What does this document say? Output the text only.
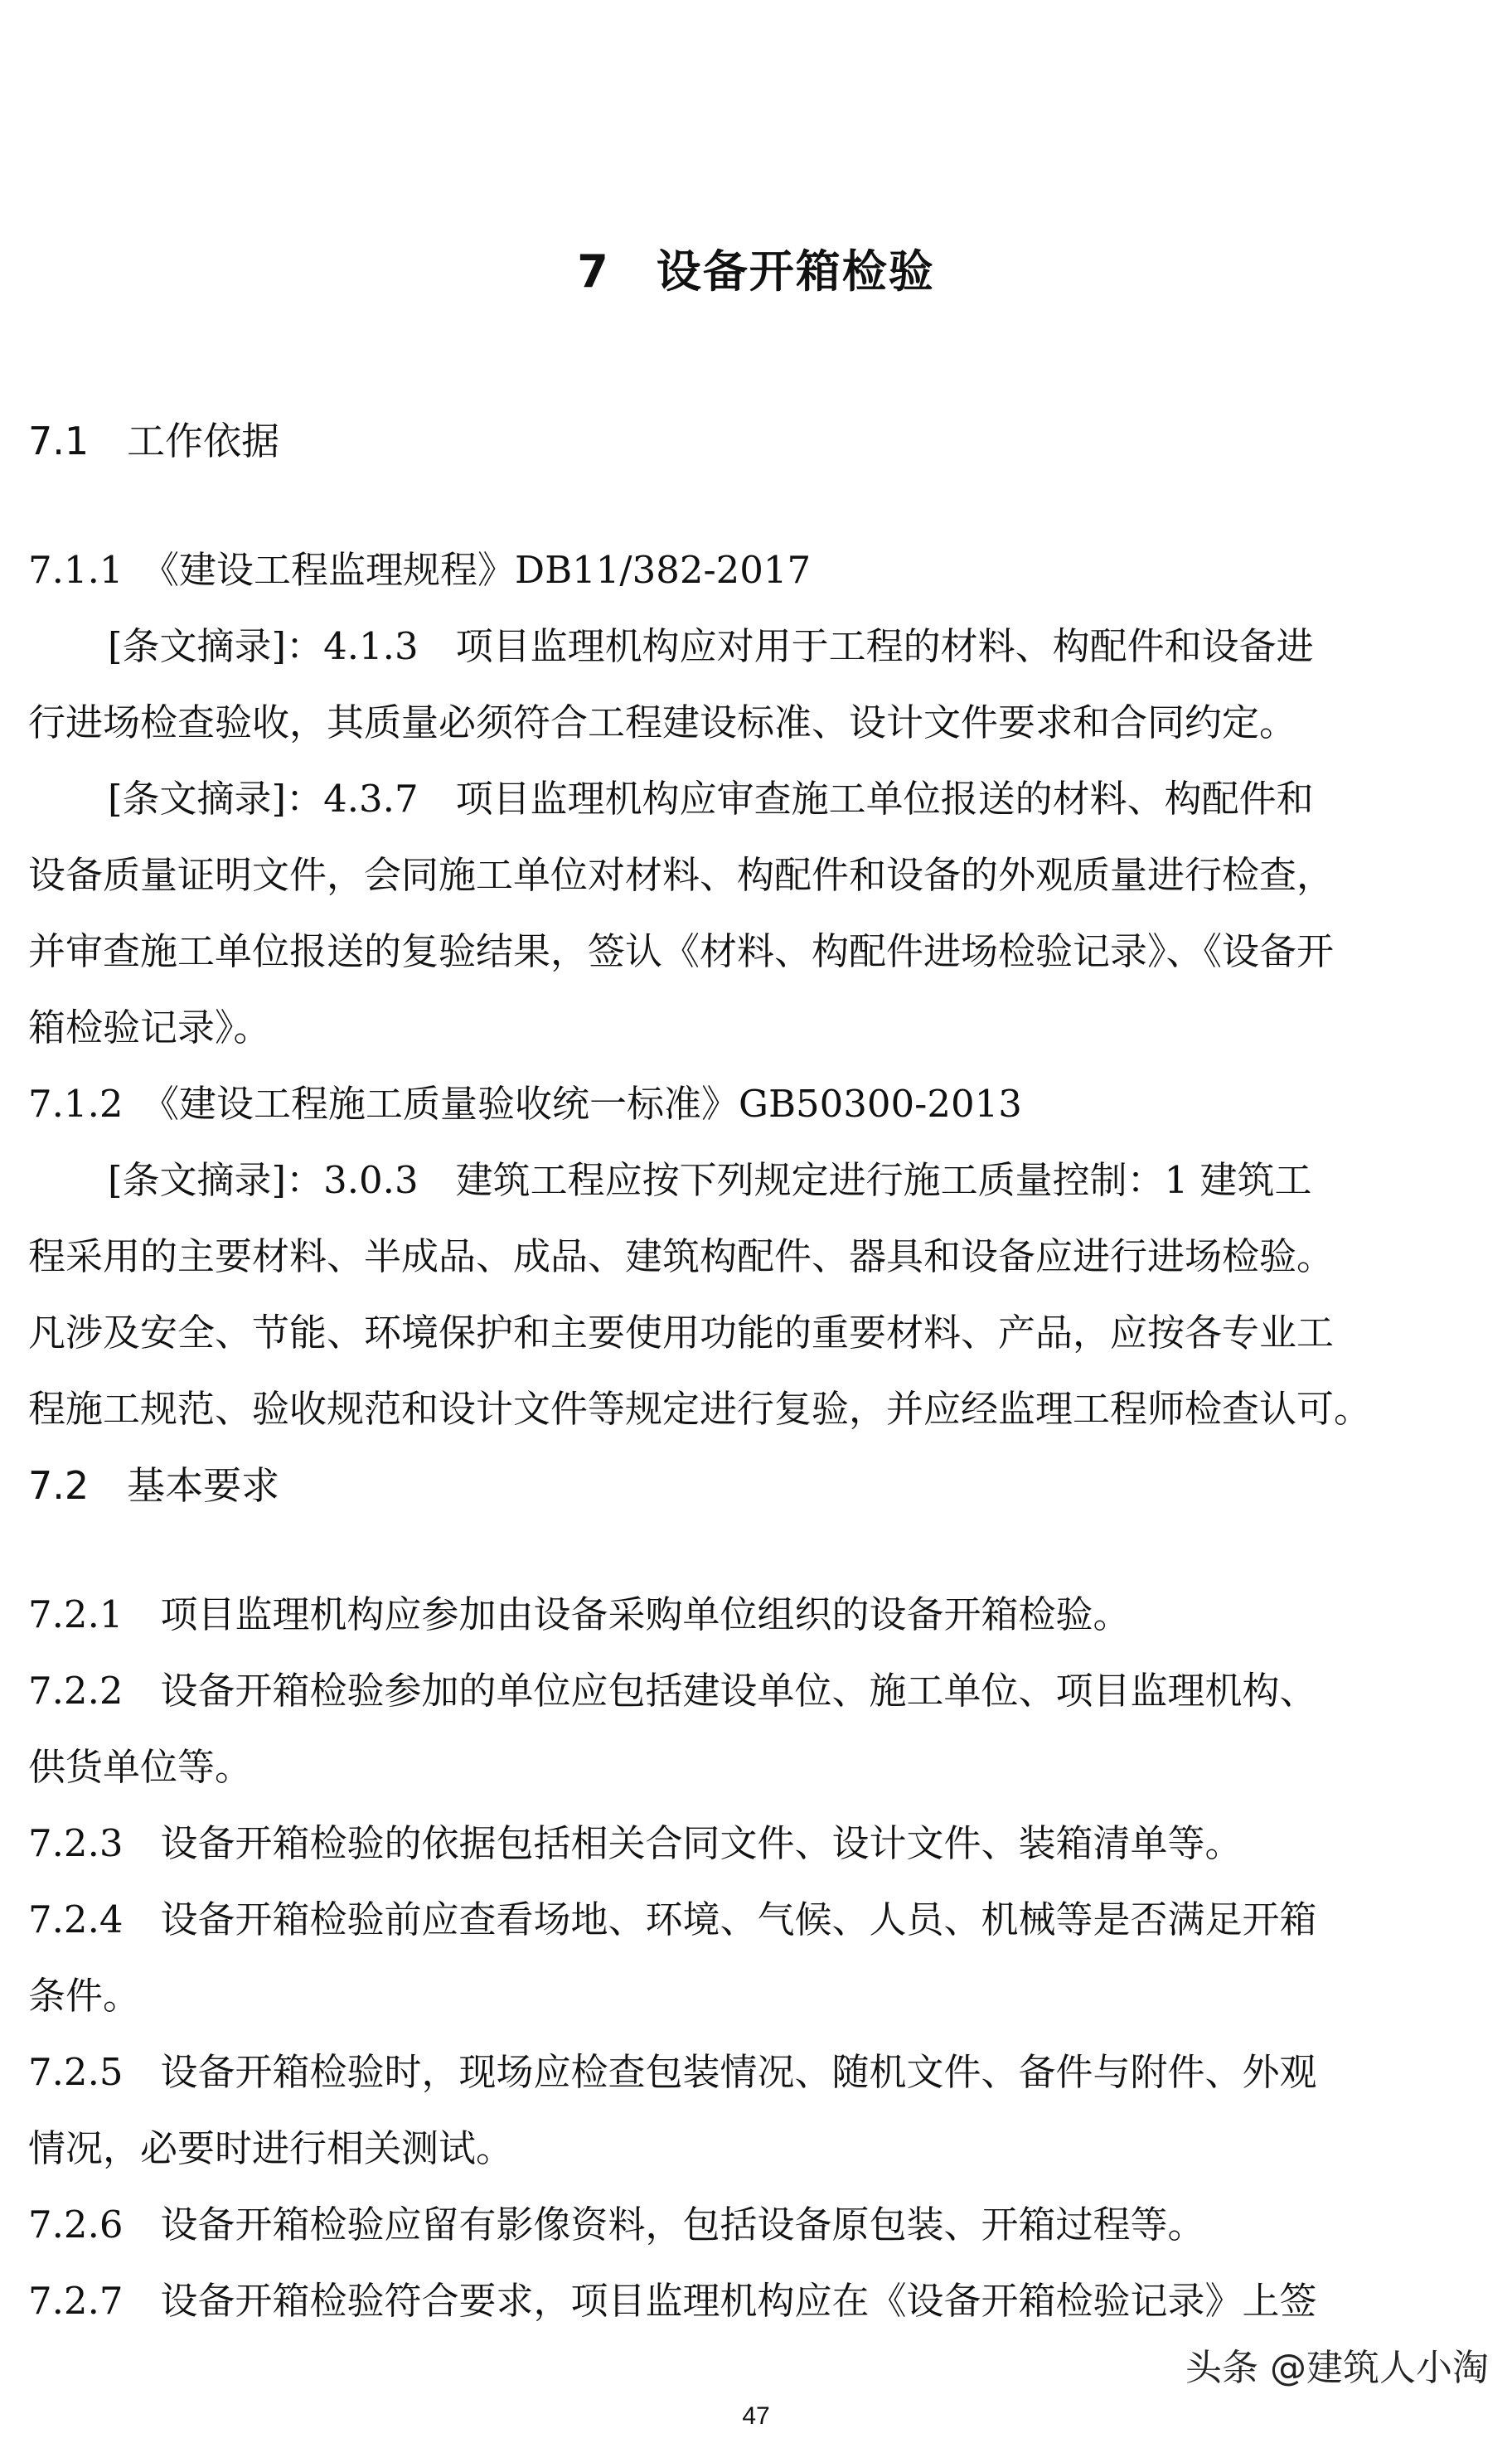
7　设备开箱检验
7.1　工作依据
7.1.1　《建设工程监理规程》DB11/382-2017
[条文摘录]：4.1.3　项目监理机构应对用于工程的材料、构配件和设备进
行进场检查验收，其质量必须符合工程建设标准、设计文件要求和合同约定。
[条文摘录]：4.3.7　项目监理机构应审查施工单位报送的材料、构配件和
设备质量证明文件，会同施工单位对材料、构配件和设备的外观质量进行检查，
并审查施工单位报送的复验结果，签认《材料、构配件进场检验记录》、《设备开
箱检验记录》。
7.1.2　《建设工程施工质量验收统一标准》GB50300-2013
[条文摘录]：3.0.3　建筑工程应按下列规定进行施工质量控制：1 建筑工
程采用的主要材料、半成品、成品、建筑构配件、器具和设备应进行进场检验。
凡涉及安全、节能、环境保护和主要使用功能的重要材料、产品，应按各专业工
程施工规范、验收规范和设计文件等规定进行复验，并应经监理工程师检查认可。
7.2　基本要求
7.2.1　项目监理机构应参加由设备采购单位组织的设备开箱检验。
7.2.2　设备开箱检验参加的单位应包括建设单位、施工单位、项目监理机构、
供货单位等。
7.2.3　设备开箱检验的依据包括相关合同文件、设计文件、装箱清单等。
7.2.4　设备开箱检验前应查看场地、环境、气候、人员、机械等是否满足开箱
条件。
7.2.5　设备开箱检验时，现场应检查包装情况、随机文件、备件与附件、外观
情况，必要时进行相关测试。
7.2.6　设备开箱检验应留有影像资料，包括设备原包装、开箱过程等。
7.2.7　设备开箱检验符合要求，项目监理机构应在《设备开箱检验记录》上签
头条 @建筑人小淘
47
